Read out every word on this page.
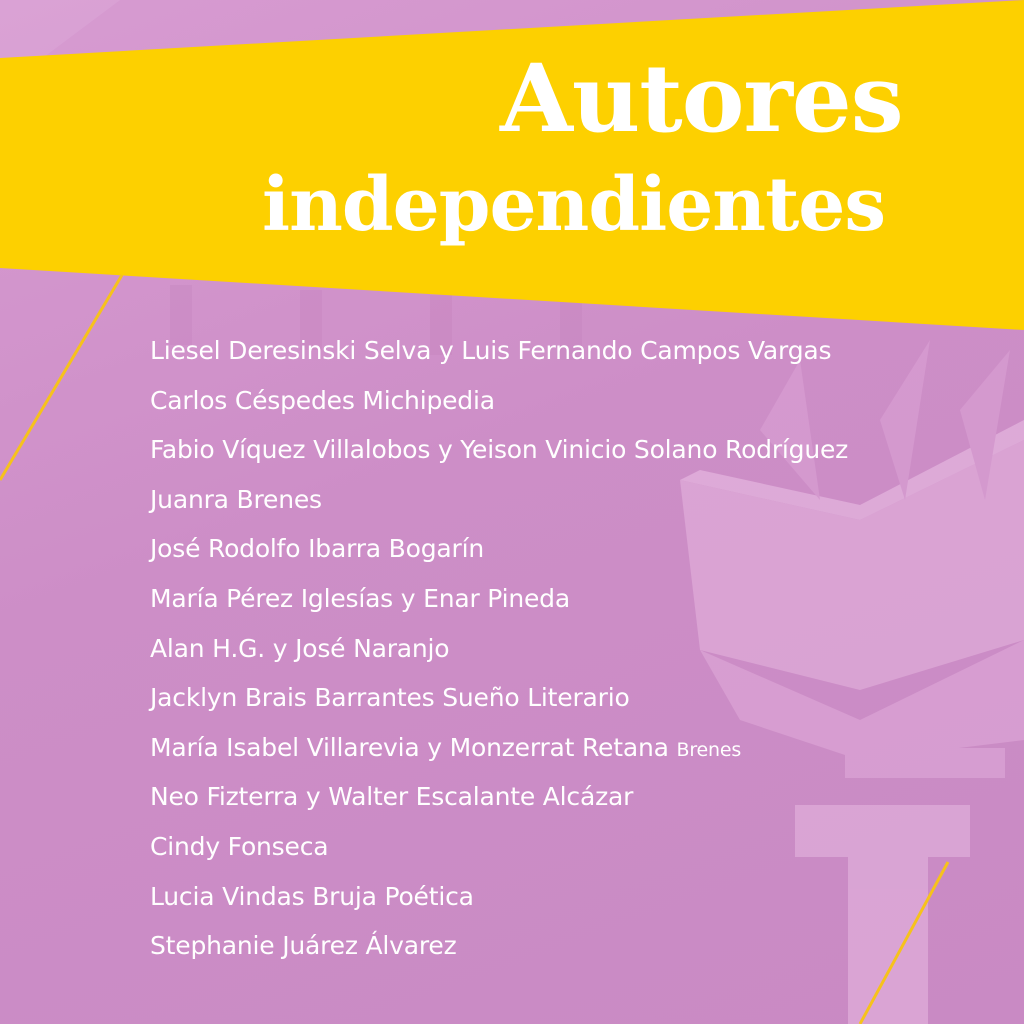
Autores
independientes
Liesel Deresinski Selva y Luis Fernando Campos Vargas
Carlos Céspedes Michipedia
Fabio Víquez Villalobos y Yeison Vinicio Solano Rodríguez
Juanra Brenes
José Rodolfo Ibarra Bogarín
María Pérez Iglesías y Enar Pineda
Alan H.G. y José Naranjo
Jacklyn Brais Barrantes Sueño Literario
María Isabel Villarevia y Monzerrat Retana Brenes
Neo Fizterra y Walter Escalante Alcázar
Cindy Fonseca
Lucia Vindas Bruja Poética
Stephanie Juárez Álvarez
